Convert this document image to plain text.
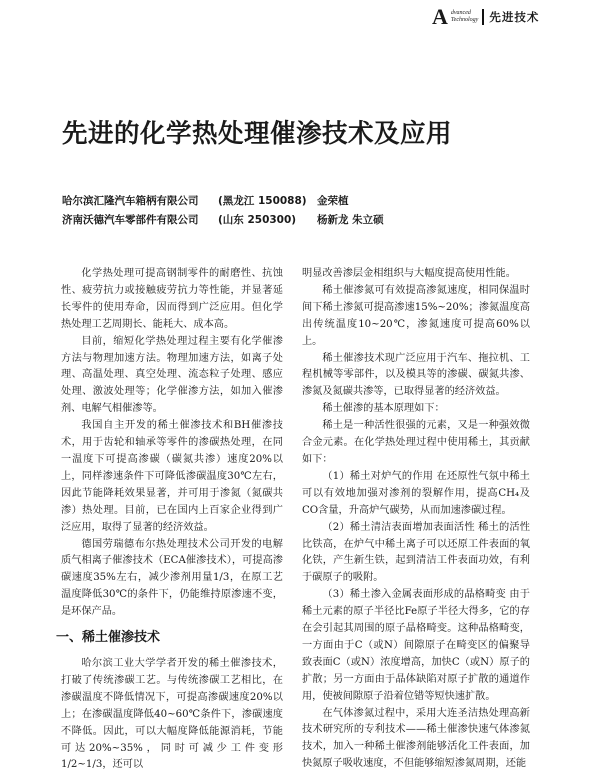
A dvanced
Technology 先进技术
先进的化学热处理催渗技术及应用
哈尔滨汇隆汽车箱柄有限公司 (黑龙江 150088) 金荣植
济南沃德汽车零部件有限公司 (山东 250300) 杨新龙 朱立硕

化学热处理可提高钢制零件的耐磨性、抗蚀性、疲劳抗力或接触疲劳抗力等性能，并显著延长零件的使用寿命，因而得到广泛应用。但化学热处理工艺周期长、能耗大、成本高。

目前，缩短化学热处理过程主要有化学催渗方法与物理加速方法。物理加速方法，如离子处理、高温处理、真空处理、流态粒子处理、感应处理、激波处理等；化学催渗方法，如加入催渗剂、电解气相催渗等。

我国自主开发的稀土催渗技术和BH催渗技术，用于齿轮和轴承等零件的渗碳热处理，在同一温度下可提高渗碳（碳氮共渗）速度20%以上，同样渗速条件下可降低渗碳温度30℃左右，因此节能降耗效果显著，并可用于渗氮（氮碳共渗）热处理。目前，已在国内上百家企业得到广泛应用，取得了显著的经济效益。

德国劳瑞德布尔热处理技术公司开发的电解质气相离子催渗技术（ECA催渗技术），可提高渗碳速度35%左右，减少渗剂用量1/3，在原工艺温度降低30℃的条件下，仍能维持原渗速不变，是环保产品。

一、稀土催渗技术

哈尔滨工业大学学者开发的稀土催渗技术，打破了传统渗碳工艺。与传统渗碳工艺相比，在渗碳温度不降低情况下，可提高渗碳速度20%以上；在渗碳温度降低40~60℃条件下，渗碳速度不降低。因此，可以大幅度降低能源消耗，节能可达20%~35%，同时可减少工件变形1/2~1/3，还可以

明显改善渗层金相组织与大幅度提高使用性能。

稀土催渗氮可有效提高渗氮速度，相同保温时间下稀土渗氮可提高渗速15%~20%；渗氮温度高出传统温度10~20℃，渗氮速度可提高60%以上。

稀土催渗技术现广泛应用于汽车、拖拉机、工程机械等零部件，以及模具等的渗碳、碳氮共渗、渗氮及氮碳共渗等，已取得显著的经济效益。

稀土催渗的基本原理如下：

稀土是一种活性很强的元素，又是一种强效微合金元素。在化学热处理过程中使用稀土，其贡献如下：

（1）稀土对炉气的作用 在还原性气氛中稀土可以有效地加强对渗剂的裂解作用，提高CH₄及CO含量，升高炉气碳势，从而加速渗碳过程。

（2）稀土清洁表面增加表面活性 稀土的活性比铁高，在炉气中稀土离子可以还原工件表面的氧化铁，产生新生铁，起到清洁工件表面功效，有利于碳原子的吸附。

（3）稀土渗入金属表面形成的晶格畸变 由于稀土元素的原子半径比Fe原子半径大得多，它的存在会引起其周围的原子晶格畸变。这种晶格畸变，一方面由于C（或N）间隙原子在畸变区的偏聚导致表面C（或N）浓度增高，加快C（或N）原子的扩散；另一方面由于晶体缺陷对原子扩散的通道作用，使被间隙原子沿着位错等短快速扩散。

在气体渗氮过程中，采用大连圣洁热处理高新技术研究所的专利技术——稀土催渗快速气体渗氮技术，加入一种稀土催渗剂能够活化工件表面，加快氮原子吸收速度，不但能够缩短渗氮周期，还能
